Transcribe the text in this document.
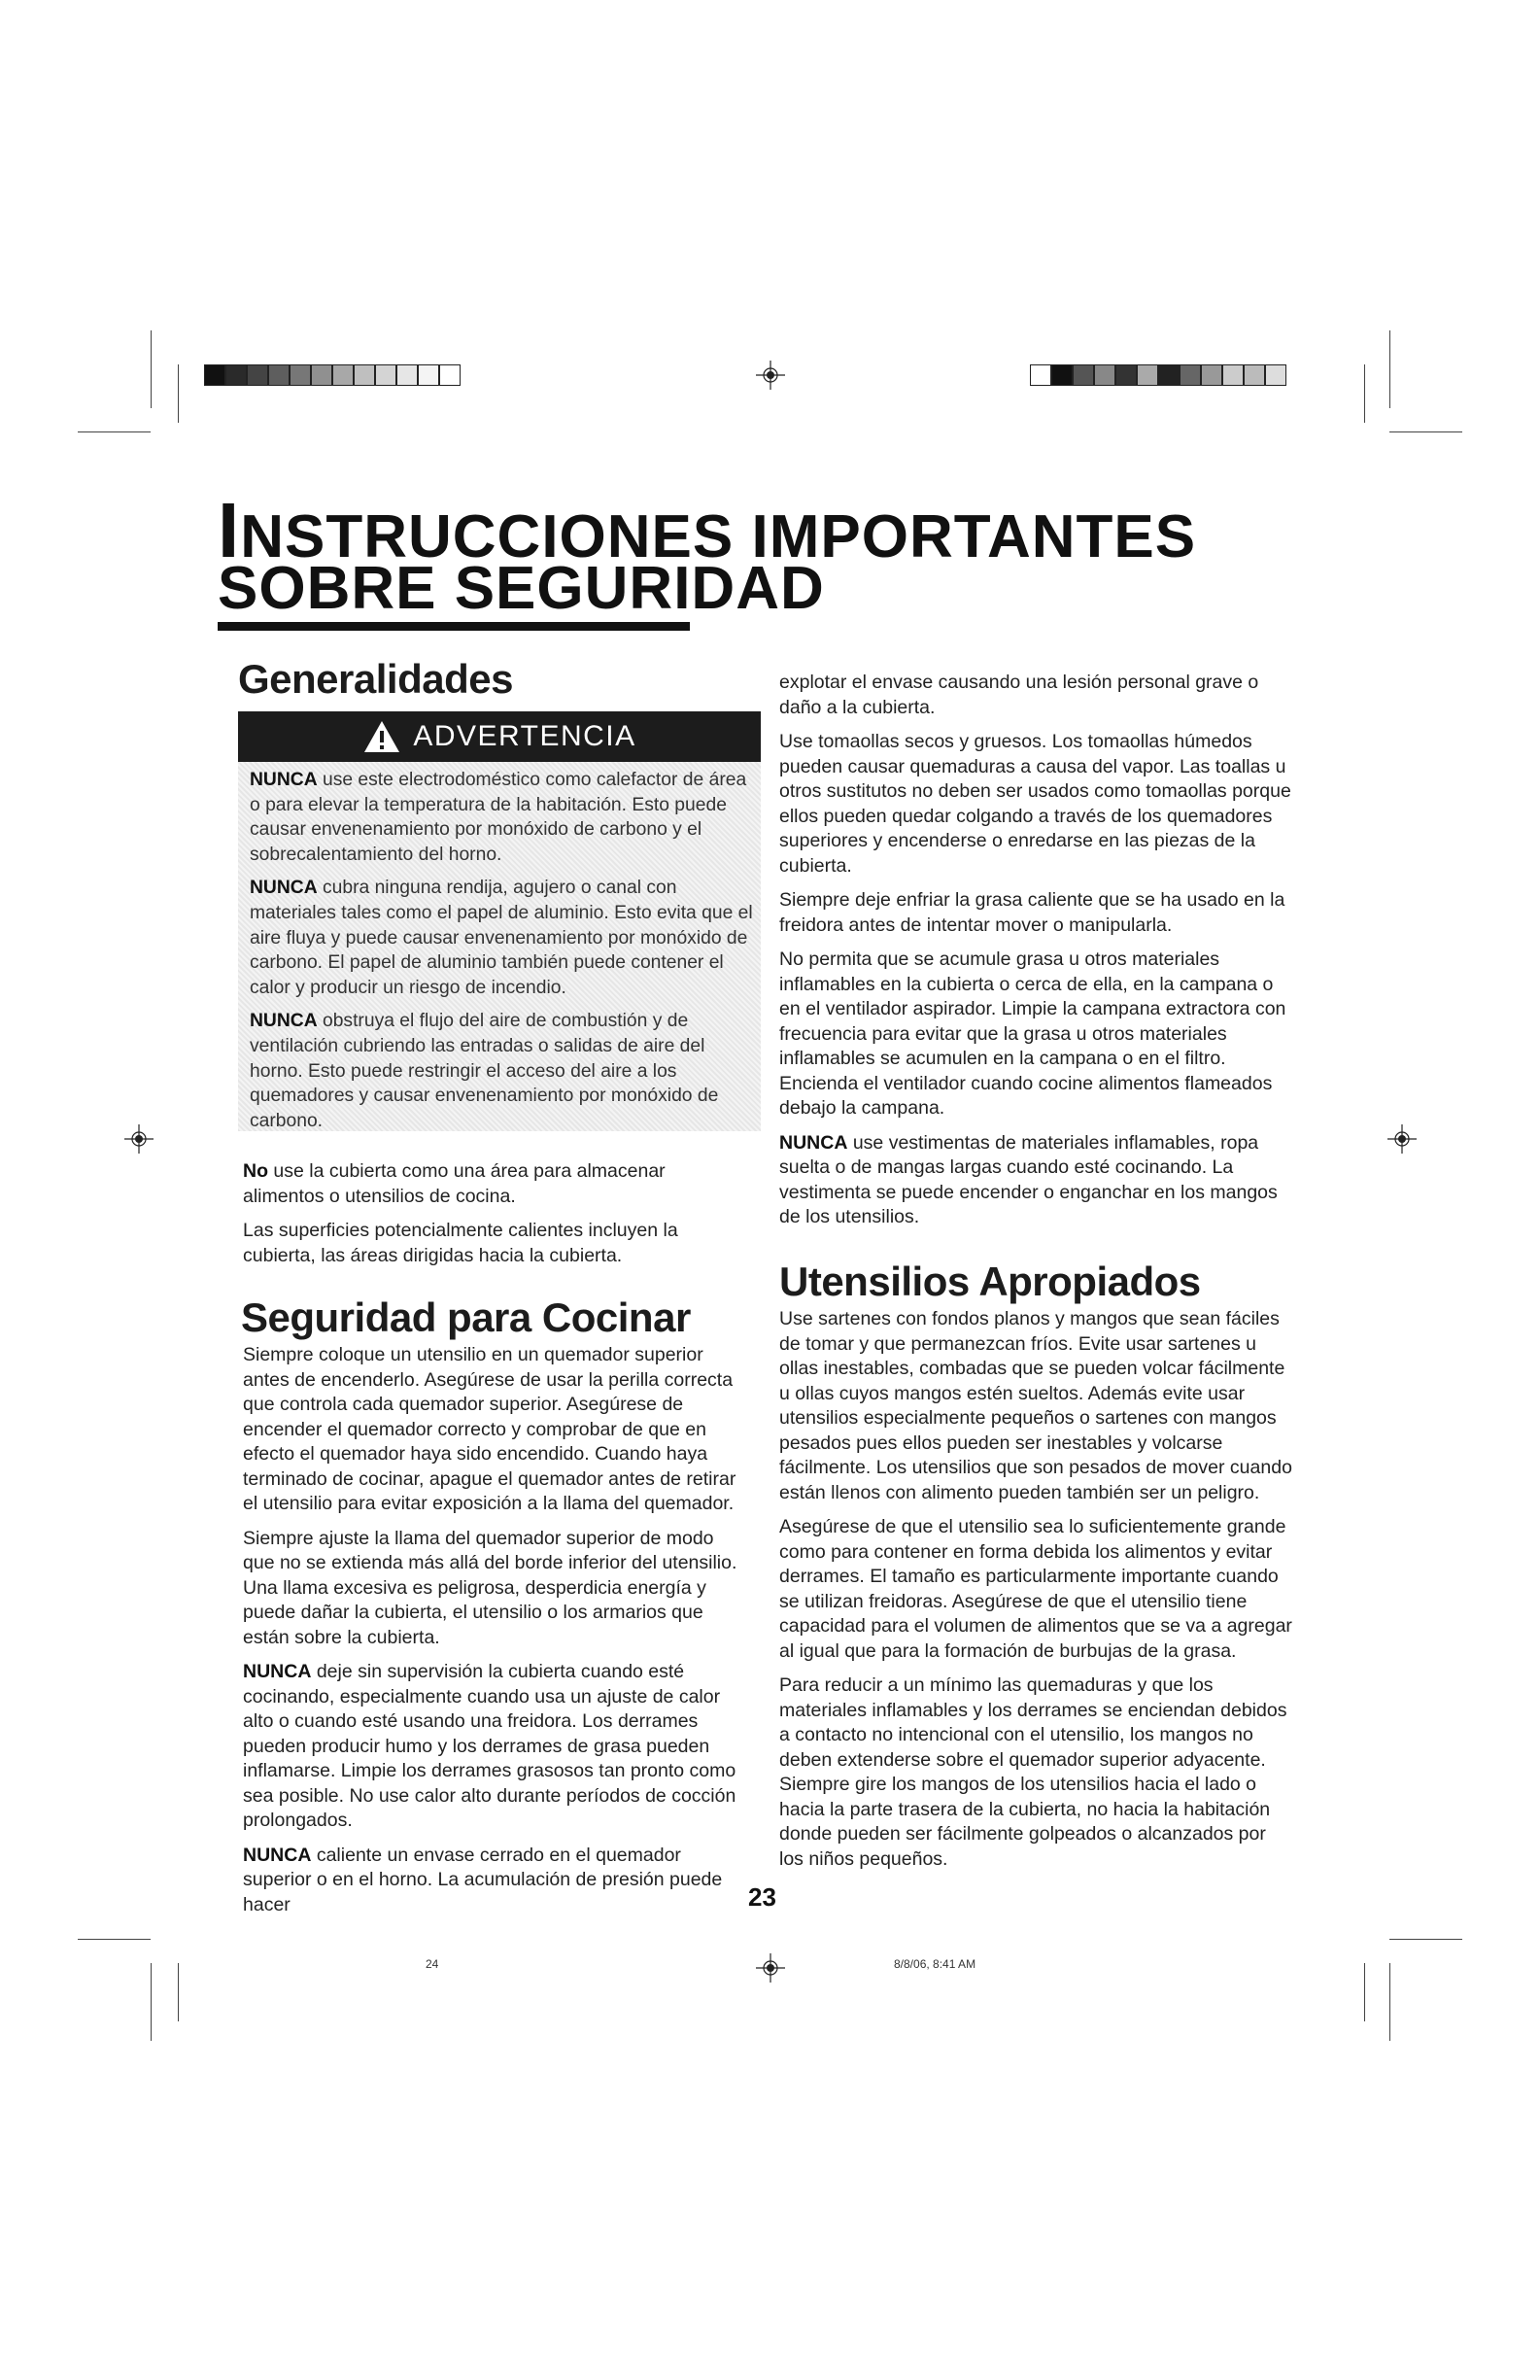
INSTRUCCIONES IMPORTANTES
SOBRE SEGURIDAD
Generalidades
ADVERTENCIA

NUNCA use este electrodoméstico como calefactor de área o para elevar la temperatura de la habitación. Esto puede causar envenenamiento por monóxido de carbono y el sobrecalentamiento del horno.

NUNCA cubra ninguna rendija, agujero o canal con materiales tales como el papel de aluminio. Esto evita que el aire fluya y puede causar envenenamiento por monóxido de carbono. El papel de aluminio también puede contener el calor y producir un riesgo de incendio.

NUNCA obstruya el flujo del aire de combustión y de ventilación cubriendo las entradas o salidas de aire del horno. Esto puede restringir el acceso del aire a los quemadores y causar envenenamiento por monóxido de carbono.

No use la cubierta como una área para almacenar alimentos o utensilios de cocina.

Las superficies potencialmente calientes incluyen la cubierta, las áreas dirigidas hacia la cubierta.

Seguridad para Cocinar

Siempre coloque un utensilio en un quemador superior antes de encenderlo. Asegúrese de usar la perilla correcta que controla cada quemador superior. Asegúrese de encender el quemador correcto y comprobar de que en efecto el quemador haya sido encendido. Cuando haya terminado de cocinar, apague el quemador antes de retirar el utensilio para evitar exposición a la llama del quemador.

Siempre ajuste la llama del quemador superior de modo que no se extienda más allá del borde inferior del utensilio. Una llama excesiva es peligrosa, desperdicia energía y puede dañar la cubierta, el utensilio o los armarios que están sobre la cubierta.

NUNCA deje sin supervisión la cubierta cuando esté cocinando, especialmente cuando usa un ajuste de calor alto o cuando esté usando una freidora. Los derrames pueden producir humo y los derrames de grasa pueden inflamarse. Limpie los derrames grasosos tan pronto como sea posible. No use calor alto durante períodos de cocción prolongados.

NUNCA caliente un envase cerrado en el quemador superior o en el horno. La acumulación de presión puede hacer

explotar el envase causando una lesión personal grave o daño a la cubierta.

Use tomaollas secos y gruesos. Los tomaollas húmedos pueden causar quemaduras a causa del vapor. Las toallas u otros sustitutos no deben ser usados como tomaollas porque ellos pueden quedar colgando a través de los quemadores superiores y encenderse o enredarse en las piezas de la cubierta.

Siempre deje enfriar la grasa caliente que se ha usado en la freidora antes de intentar mover o manipularla.

No permita que se acumule grasa u otros materiales inflamables en la cubierta o cerca de ella, en la campana o en el ventilador aspirador. Limpie la campana extractora con frecuencia para evitar que la grasa u otros materiales inflamables se acumulen en la campana o en el filtro. Encienda el ventilador cuando cocine alimentos flameados debajo la campana.

NUNCA use vestimentas de materiales inflamables, ropa suelta o de mangas largas cuando esté cocinando. La vestimenta se puede encender o enganchar en los mangos de los utensilios.

Utensilios Apropiados

Use sartenes con fondos planos y mangos que sean fáciles de tomar y que permanezcan fríos. Evite usar sartenes u ollas inestables, combadas que se pueden volcar fácilmente u ollas cuyos mangos estén sueltos. Además evite usar utensilios especialmente pequeños o sartenes con mangos pesados pues ellos pueden ser inestables y volcarse fácilmente. Los utensilios que son pesados de mover cuando están llenos con alimento pueden también ser un peligro.

Asegúrese de que el utensilio sea lo suficientemente grande como para contener en forma debida los alimentos y evitar derrames. El tamaño es particularmente importante cuando se utilizan freidoras. Asegúrese de que el utensilio tiene capacidad para el volumen de alimentos que se va a agregar al igual que para la formación de burbujas de la grasa.

Para reducir a un mínimo las quemaduras y que los materiales inflamables y los derrames se enciendan debidos a contacto no intencional con el utensilio, los mangos no deben extenderse sobre el quemador superior adyacente. Siempre gire los mangos de los utensilios hacia el lado o hacia la parte trasera de la cubierta, no hacia la habitación donde pueden ser fácilmente golpeados o alcanzados por los niños pequeños.

23
24	8/8/06, 8:41 AM
